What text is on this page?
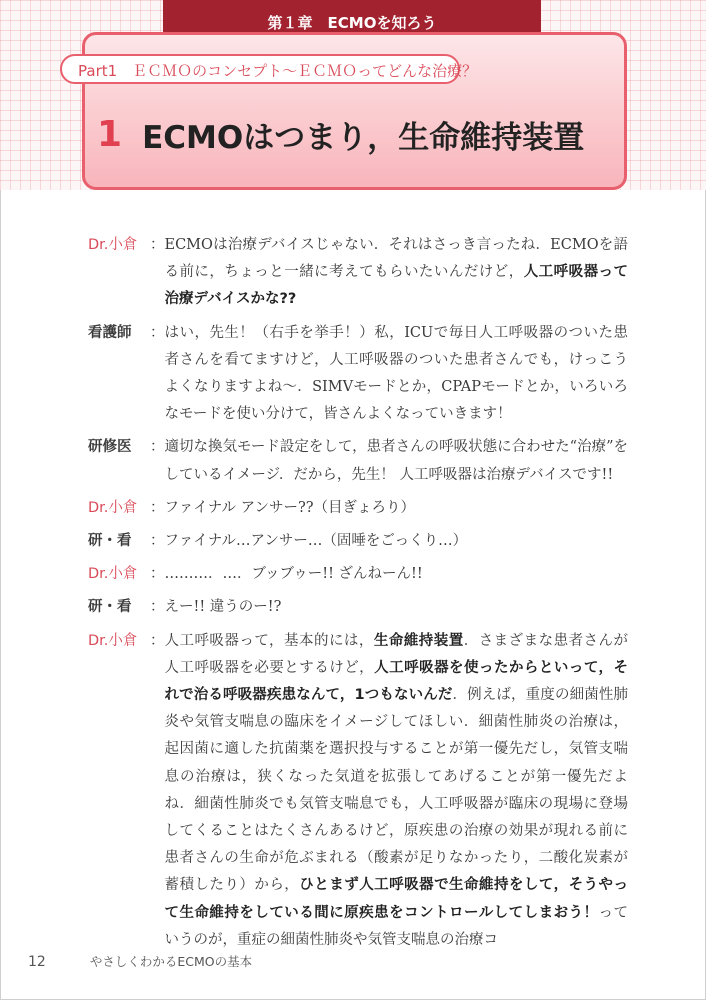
第１章　ECMOを知ろう
Part1　ＥＣＭＯのコンセプト～ＥＣＭＯってどんな治療？
1 ECMOはつまり，生命維持装置
Dr.小倉 ： ECMOは治療デバイスじゃない．それはさっき言ったね．ECMOを語る前に，ちょっと一緒に考えてもらいたいんだけど，人工呼吸器って治療デバイスかな??
看護師	： はい，先生！（右手を挙手！）私，ICUで毎日人工呼吸器のついた患者さんを看てますけど，人工呼吸器のついた患者さんでも，けっこうよくなりますよね～．SIMVモードとか，CPAPモードとか，いろいろなモードを使い分けて，皆さんよくなっていきます！
研修医	： 適切な換気モード設定をして，患者さんの呼吸状態に合わせた“治療”をしているイメージ．だから，先生！ 人工呼吸器は治療デバイスです!!
Dr.小倉 ： ファイナル アンサー??（目ぎょろり）
研・看	： ファイナル…アンサー…（固唾をごっくり…）
Dr.小倉 ： ………．…．ブッブゥー!! ざんねーん!!
研・看	： えー!! 違うのー!?
Dr.小倉 ： 人工呼吸器って，基本的には，生命維持装置．さまざまな患者さんが人工呼吸器を必要とするけど，人工呼吸器を使ったからといって，それで治る呼吸器疾患なんて，1つもないんだ．例えば，重度の細菌性肺炎や気管支喘息の臨床をイメージしてほしい．細菌性肺炎の治療は，起因菌に適した抗菌薬を選択投与することが第一優先だし，気管支喘息の治療は，狭くなった気道を拡張してあげることが第一優先だよね．細菌性肺炎でも気管支喘息でも，人工呼吸器が臨床の現場に登場してくることはたくさんあるけど，原疾患の治療の効果が現れる前に患者さんの生命が危ぶまれる（酸素が足りなかったり，二酸化炭素が蓄積したり）から，ひとまず人工呼吸器で生命維持をして，そうやって生命維持をしている間に原疾患をコントロールしてしまおう！っていうのが，重症の細菌性肺炎や気管支喘息の治療コ
12	やさしくわかるECMOの基本
